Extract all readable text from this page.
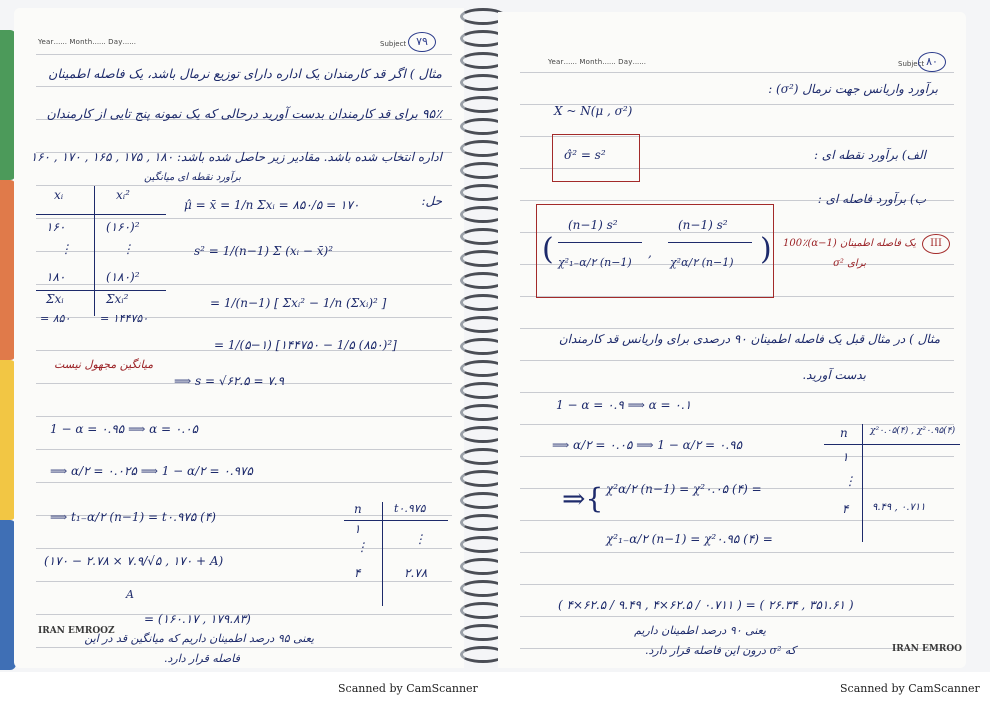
Year...... Month...... Day......	Subject ۷۹
مثال ) اگر قد کارمندان یک اداره دارای توزیع نرمال باشد، یک فاصله اطمینان
۹۵٪ برای قد کارمندان بدست آورید درحالی که یک نمونه پنج تایی از کارمندان
اداره انتخاب شده باشد. مقادیر زیر حاصل شده باشد: ۱۸۰ , ۱۷۵ , ۱۶۵ , ۱۷۰ , ۱۶۰
برآورد نقطه ای میانگین
حل:
xᵢ	xᵢ²
۱۶۰	(۱۶۰)²
⋮	⋮
۱۸۰	(۱۸۰)²
Σxᵢ	Σxᵢ²
= ۸۵۰	= ۱۴۴۷۵۰
μ̂ = x̄ = 1/n Σxᵢ = ۸۵۰/۵ = ۱۷۰
s² = 1/(n−1) Σ (xᵢ − x̄)²
= 1/(n−1) [ Σxᵢ² − 1/n (Σxᵢ)² ]
= 1/(۵−۱) [۱۴۴۷۵۰ − 1/۵ (۸۵۰)²]
میانگین مجهول نیست
⟹ s = √۶۲.۵ = ۷.۹
1 − α = ۰.۹۵ ⟹ α = ۰.۰۵
⟹ α/۲ = ۰.۰۲۵ ⟹ 1 − α/۲ = ۰.۹۷۵
⟹ t₁₋α/۲ (n−1) = t۰.۹۷۵ (۴)
n	t۰.۹۷۵
۱
⋮
⋮
۴	۲.۷۸
(۱۷۰ − ۲.۷۸ × ۷.۹/√۵ , ۱۷۰ + A)
A
= (۱۶۰.۱۷ , ۱۷۹.۸۳)
IRAN EMROOZ
یعنی ۹۵ درصد اطمینان داریم که میانگین قد در این
فاصله قرار دارد.
Year...... Month...... Day......	Subject ۸۰
برآورد واریانس جهت نرمال (σ²) :
X ~ N(μ , σ²)
σ̂² = s²	الف) برآورد نقطه ای :
ب) برآورد فاصله ای :
(	)
(n−1) s²
χ²₁₋α/۲ (n−1)
,
(n−1) s²
χ²α/۲ (n−1)
III
یک فاصله اطمینان (1−α)100٪
برای σ²
مثال ) در مثال قبل یک فاصله اطمینان ۹۰ درصدی برای واریانس قد کارمندان
بدست آورید.
1 − α = ۰.۹ ⟹ α = ۰.۱
⟹ α/۲ = ۰.۰۵ ⟹ 1 − α/۲ = ۰.۹۵
n χ²۰.۰۵(۴) , χ²۰.۹۵(۴)
۱
⋮
۴ ۹.۴۹ , ۰.۷۱۱
⇒{ χ²α/۲ (n−1) = χ²۰.۰۵ (۴) =
χ²₁₋α/۲ (n−1) = χ²۰.۹۵ (۴) =
( ۴×۶۲.۵ / ۹.۴۹ , ۴×۶۲.۵ / ۰.۷۱۱ ) = ( ۲۶.۳۴ , ۳۵۱.۶۱ )
یعنی ۹۰ درصد اطمینان داریم
که σ² درون این فاصله قرار دارد.	IRAN EMROO
Scanned by CamScanner	Scanned by CamScanner
